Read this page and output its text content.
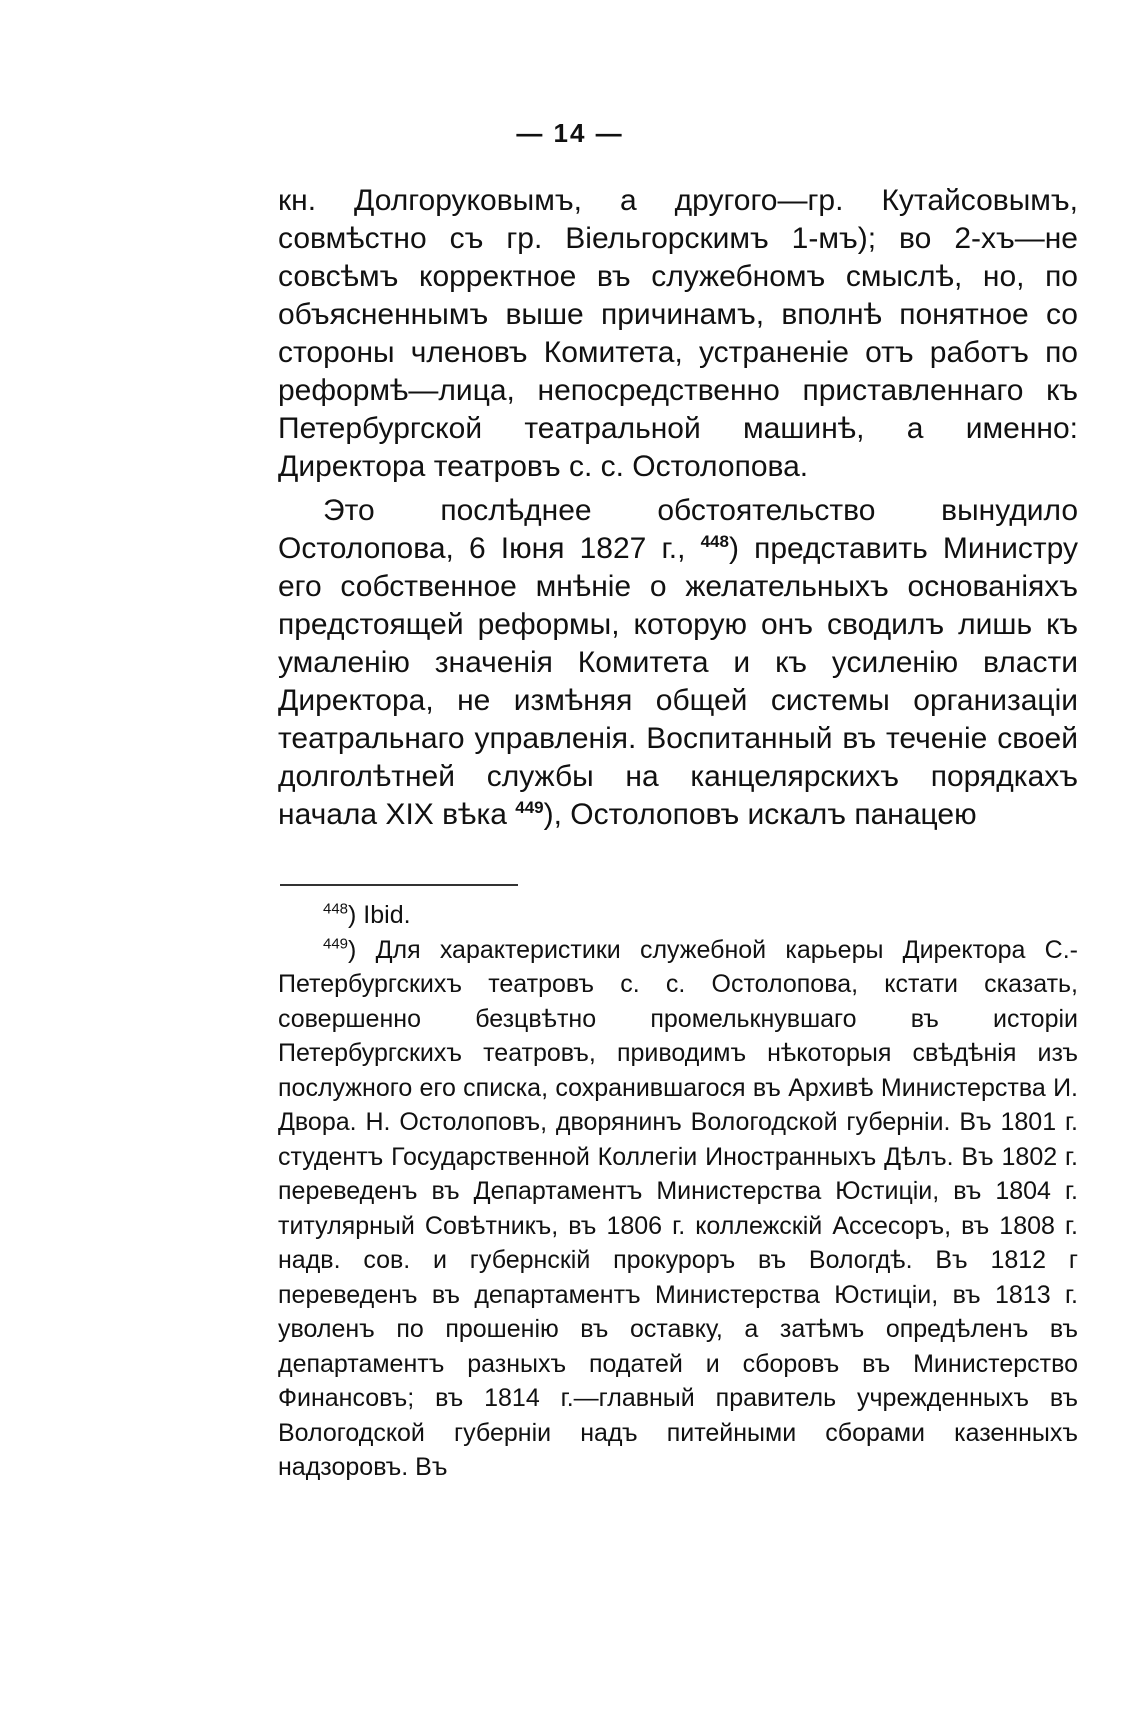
— 14 —

кн. Долгоруковымъ, а другого—гр. Кутайсовымъ, совмѣстно съ гр. Віельгорскимъ 1-мъ); во 2-хъ—не совсѣмъ корректное въ служебномъ смыслѣ, но, по объясненнымъ выше причинамъ, вполнѣ понятное со стороны членовъ Комитета, устраненіе отъ работъ по реформѣ—лица, непосредственно приставленнаго къ Петербургской театральной машинѣ, а именно: Директора театровъ с. с. Остолопова.

Это послѣднее обстоятельство вынудило Остолопова, 6 Іюня 1827 г., $^{448}$) представить Министру его собственное мнѣніе о желательныхъ основаніяхъ предстоящей реформы, которую онъ сводилъ лишь къ умаленію значенія Комитета и къ усиленію власти Директора, не измѣняя общей системы организаціи театральнаго управленія. Воспитанный въ теченіе своей долголѣтней службы на канцелярскихъ порядкахъ начала XIX вѣка $^{449}$), Остолоповъ искалъ панацею

$^{448}$) Ibid.

$^{449}$) Для характеристики служебной карьеры Директора С.-Петербургскихъ театровъ с. с. Остолопова, кстати сказать, совершенно безцвѣтно промелькнувшаго въ исторіи Петербургскихъ театровъ, приводимъ нѣкоторыя свѣдѣнія изъ послужного его списка, сохранившагося въ Архивѣ Министерства И. Двора. Н. Остолоповъ, дворянинъ Вологодской губерніи. Въ 1801 г. студентъ Государственной Коллегіи Иностранныхъ Дѣлъ. Въ 1802 г. переведенъ въ Департаментъ Министерства Юстиціи, въ 1804 г. титулярный Совѣтникъ, въ 1806 г. коллежскій Ассесоръ, въ 1808 г. надв. сов. и губернскій прокуроръ въ Вологдѣ. Въ 1812 г переведенъ въ департаментъ Министерства Юстиціи, въ 1813 г. уволенъ по прошенію въ оставку, а затѣмъ опредѣленъ въ департаментъ разныхъ податей и сборовъ въ Министерство Финансовъ; въ 1814 г.—главный правитель учрежденныхъ въ Вологодской губерніи надъ питейными сборами казенныхъ надзоровъ. Въ
